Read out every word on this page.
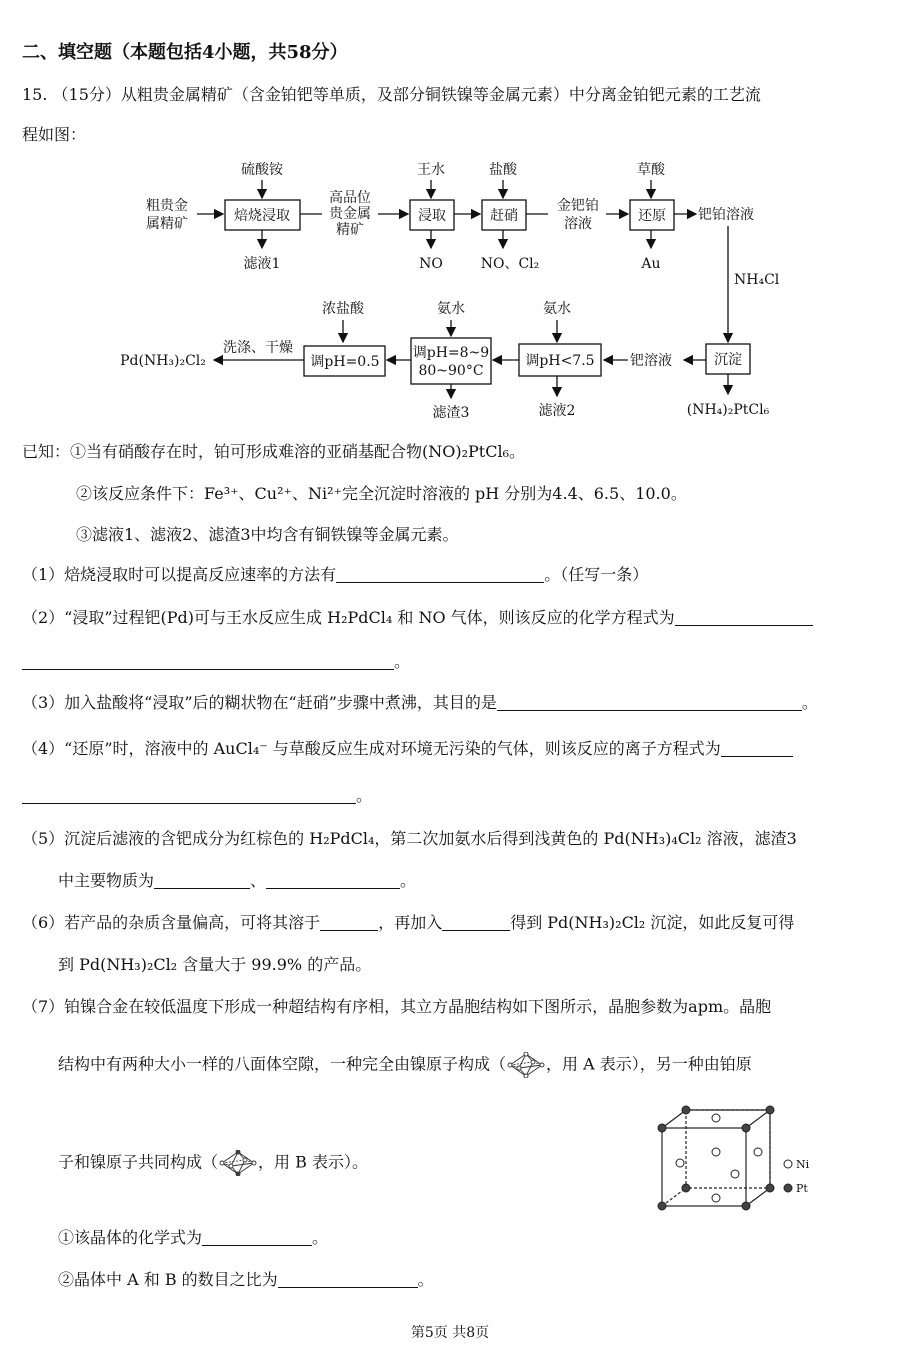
二、填空题（本题包括4小题，共58分）
15. （15分）从粗贵金属精矿（含金铂钯等单质，及部分铜铁镍等金属元素）中分离金铂钯元素的工艺流
程如图：
粗贵金
属精矿
硫酸铵
焙烧浸取
滤液1
高品位
贵金属
精矿
王水
浸取
NO
盐酸
赶硝
NO、Cl₂
金钯铂
溶液
草酸
还原
Au
钯铂溶液
NH₄Cl
沉淀
(NH₄)₂PtCl₆
钯溶液
氨水
调pH<7.5
滤液2
氨水
调pH=8~9
80~90°C
滤渣3
浓盐酸
调pH=0.5
洗涤、干燥
Pd(NH₃)₂Cl₂
已知：①当有硝酸存在时，铂可形成难溶的亚硝基配合物(NO)₂PtCl₆。
②该反应条件下：Fe³⁺、Cu²⁺、Ni²⁺完全沉淀时溶液的 pH 分别为4.4、6.5、10.0。
③滤液1、滤液2、滤渣3中均含有铜铁镍等金属元素。
（1）焙烧浸取时可以提高反应速率的方法有	。（任写一条）
（2）“浸取”过程钯(Pd)可与王水反应生成 H₂PdCl₄ 和 NO 气体，则该反应的化学方程式为
。
（3）加入盐酸将“浸取”后的糊状物在“赶硝”步骤中煮沸，其目的是	。
（4）“还原”时，溶液中的 AuCl₄⁻ 与草酸反应生成对环境无污染的气体，则该反应的离子方程式为
。
（5）沉淀后滤液的含钯成分为红棕色的 H₂PdCl₄，第二次加氨水后得到浅黄色的 Pd(NH₃)₄Cl₂ 溶液，滤渣3
中主要物质为	、	。
（6）若产品的杂质含量偏高，可将其溶于	，再加入	得到 Pd(NH₃)₂Cl₂ 沉淀，如此反复可得
到 Pd(NH₃)₂Cl₂ 含量大于 99.9% 的产品。
（7）铂镍合金在较低温度下形成一种超结构有序相，其立方晶胞结构如下图所示，晶胞参数为apm。晶胞
结构中有两种大小一样的八面体空隙，一种完全由镍原子构成（	，用 A 表示），另一种由铂原
子和镍原子共同构成（	，用 B 表示）。	Ni
Pt
①该晶体的化学式为	。
②晶体中 A 和 B 的数目之比为	。
第5页 共8页
